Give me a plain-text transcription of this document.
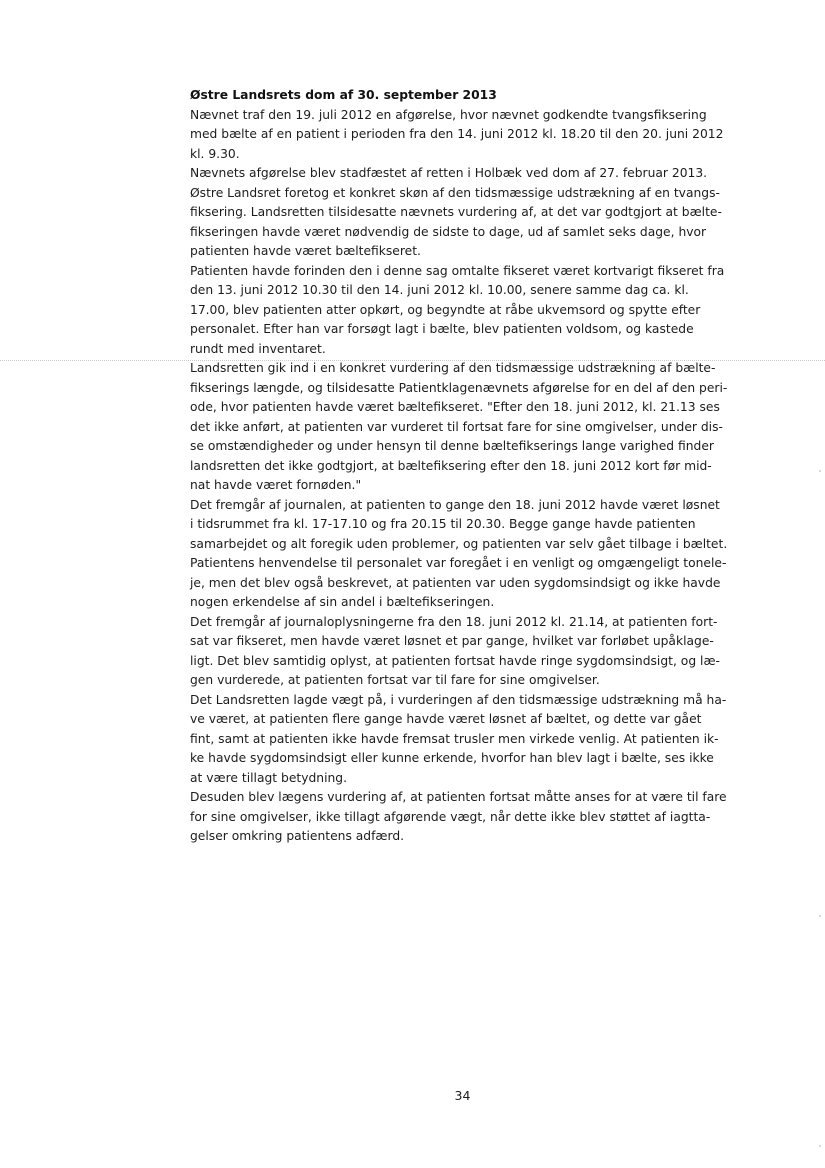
Østre Landsrets dom af 30. september 2013

Nævnet traf den 19. juli 2012 en afgørelse, hvor nævnet godkendte tvangsfiksering

med bælte af en patient i perioden fra den 14. juni 2012 kl. 18.20 til den 20. juni 2012

kl. 9.30.

Nævnets afgørelse blev stadfæstet af retten i Holbæk ved dom af 27. februar 2013.

Østre Landsret foretog et konkret skøn af den tidsmæssige udstrækning af en tvangs-

fiksering. Landsretten tilsidesatte nævnets vurdering af, at det var godtgjort at bælte-

fikseringen havde været nødvendig de sidste to dage, ud af samlet seks dage, hvor

patienten havde været bæltefikseret.

Patienten havde forinden den i denne sag omtalte fikseret været kortvarigt fikseret fra

den 13. juni 2012 10.30 til den 14. juni 2012 kl. 10.00, senere samme dag ca. kl.

17.00, blev patienten atter opkørt, og begyndte at råbe ukvemsord og spytte efter

personalet. Efter han var forsøgt lagt i bælte, blev patienten voldsom, og kastede

rundt med inventaret.

Landsretten gik ind i en konkret vurdering af den tidsmæssige udstrækning af bælte-

fikserings længde, og tilsidesatte Patientklagenævnets afgørelse for en del af den peri-

ode, hvor patienten havde været bæltefikseret. "Efter den 18. juni 2012, kl. 21.13 ses

det ikke anført, at patienten var vurderet til fortsat fare for sine omgivelser, under dis-

se omstændigheder og under hensyn til denne bæltefikserings lange varighed finder

landsretten det ikke godtgjort, at bæltefiksering efter den 18. juni 2012 kort før mid-

nat havde været fornøden."

Det fremgår af journalen, at patienten to gange den 18. juni 2012 havde været løsnet

i tidsrummet fra kl. 17-17.10 og fra 20.15 til 20.30. Begge gange havde patienten

samarbejdet og alt foregik uden problemer, og patienten var selv gået tilbage i bæltet.

Patientens henvendelse til personalet var foregået i en venligt og omgængeligt tonele-

je, men det blev også beskrevet, at patienten var uden sygdomsindsigt og ikke havde

nogen erkendelse af sin andel i bæltefikseringen.

Det fremgår af journaloplysningerne fra den 18. juni 2012 kl. 21.14, at patienten fort-

sat var fikseret, men havde været løsnet et par gange, hvilket var forløbet upåklage-

ligt. Det blev samtidig oplyst, at patienten fortsat havde ringe sygdomsindsigt, og læ-

gen vurderede, at patienten fortsat var til fare for sine omgivelser.

Det Landsretten lagde vægt på, i vurderingen af den tidsmæssige udstrækning må ha-

ve været, at patienten flere gange havde været løsnet af bæltet, og dette var gået

fint, samt at patienten ikke havde fremsat trusler men virkede venlig. At patienten ik-

ke havde sygdomsindsigt eller kunne erkende, hvorfor han blev lagt i bælte, ses ikke

at være tillagt betydning.

Desuden blev lægens vurdering af, at patienten fortsat måtte anses for at være til fare

for sine omgivelser, ikke tillagt afgørende vægt, når dette ikke blev støttet af iagtta-

gelser omkring patientens adfærd.

34
